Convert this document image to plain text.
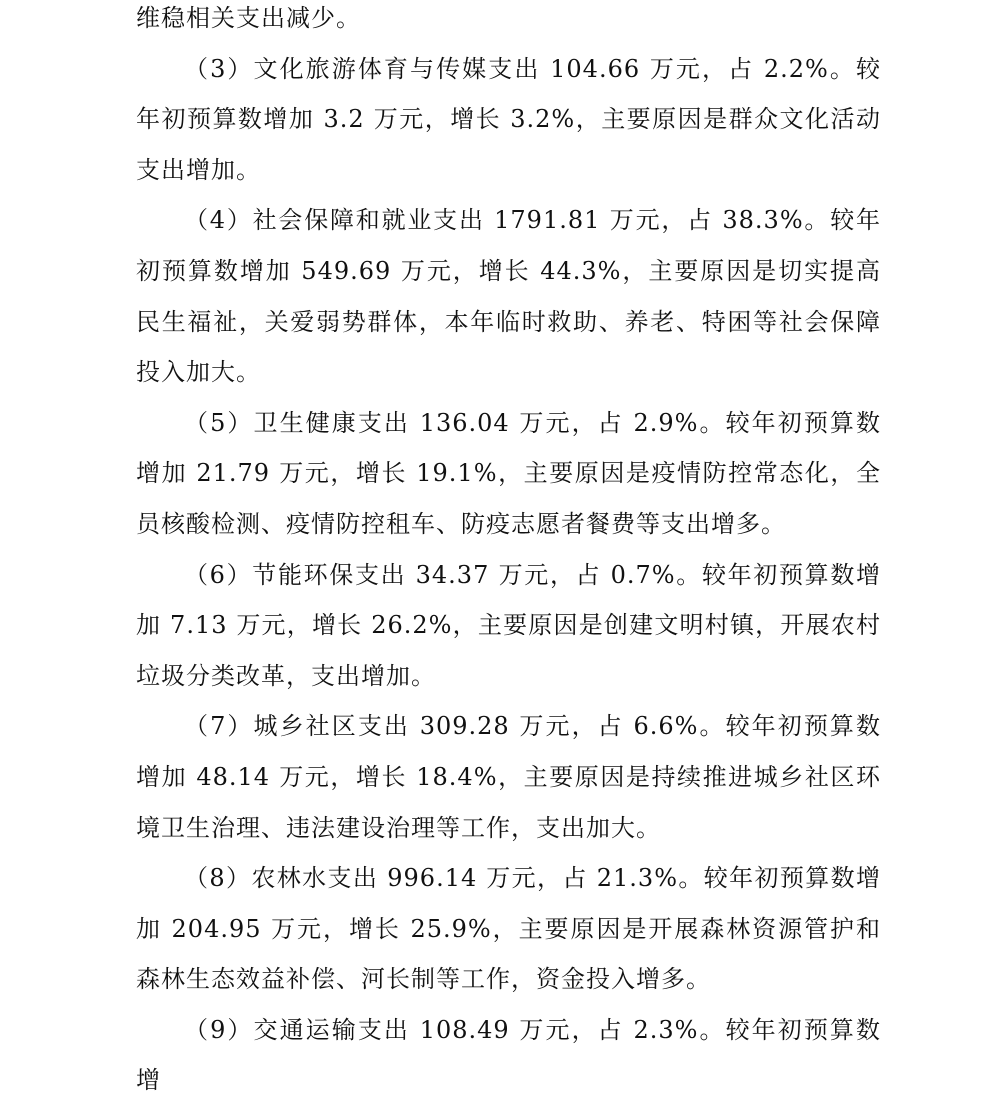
维稳相关支出减少。

（3）文化旅游体育与传媒支出 104.66 万元，占 2.2%。较年初预算数增加 3.2 万元，增长 3.2%，主要原因是群众文化活动支出增加。

（4）社会保障和就业支出 1791.81 万元，占 38.3%。较年初预算数增加 549.69 万元，增长 44.3%，主要原因是切实提高民生福祉，关爱弱势群体，本年临时救助、养老、特困等社会保障投入加大。

（5）卫生健康支出 136.04 万元，占 2.9%。较年初预算数增加 21.79 万元，增长 19.1%，主要原因是疫情防控常态化，全员核酸检测、疫情防控租车、防疫志愿者餐费等支出增多。

（6）节能环保支出 34.37 万元，占 0.7%。较年初预算数增加 7.13 万元，增长 26.2%，主要原因是创建文明村镇，开展农村垃圾分类改革，支出增加。

（7）城乡社区支出 309.28 万元，占 6.6%。较年初预算数增加 48.14 万元，增长 18.4%，主要原因是持续推进城乡社区环境卫生治理、违法建设治理等工作，支出加大。

（8）农林水支出 996.14 万元，占 21.3%。较年初预算数增加 204.95 万元，增长 25.9%，主要原因是开展森林资源管护和森林生态效益补偿、河长制等工作，资金投入增多。

（9）交通运输支出 108.49 万元，占 2.3%。较年初预算数增
